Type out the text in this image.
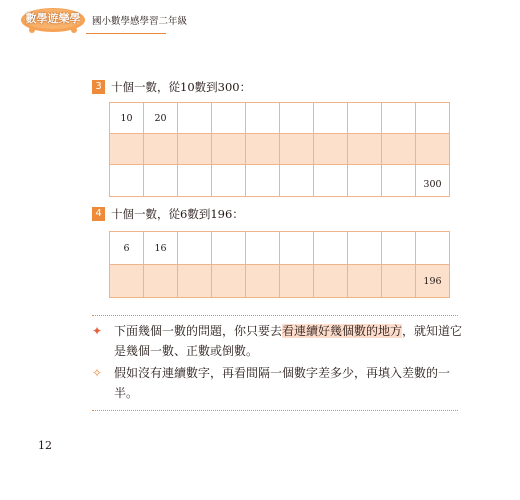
數學遊樂學	國小數學感學習二年級
3 十個一數，從10數到300：
10	20								

									300
4 十個一數，從6數到196：
6	16								
									196
✦ 下面幾個一數的問題，你只要去看連續好幾個數的地方，就知道它是幾個一數、正數或倒數。
✧ 假如沒有連續數字，再看間隔一個數字差多少，再填入差數的一半。
12
